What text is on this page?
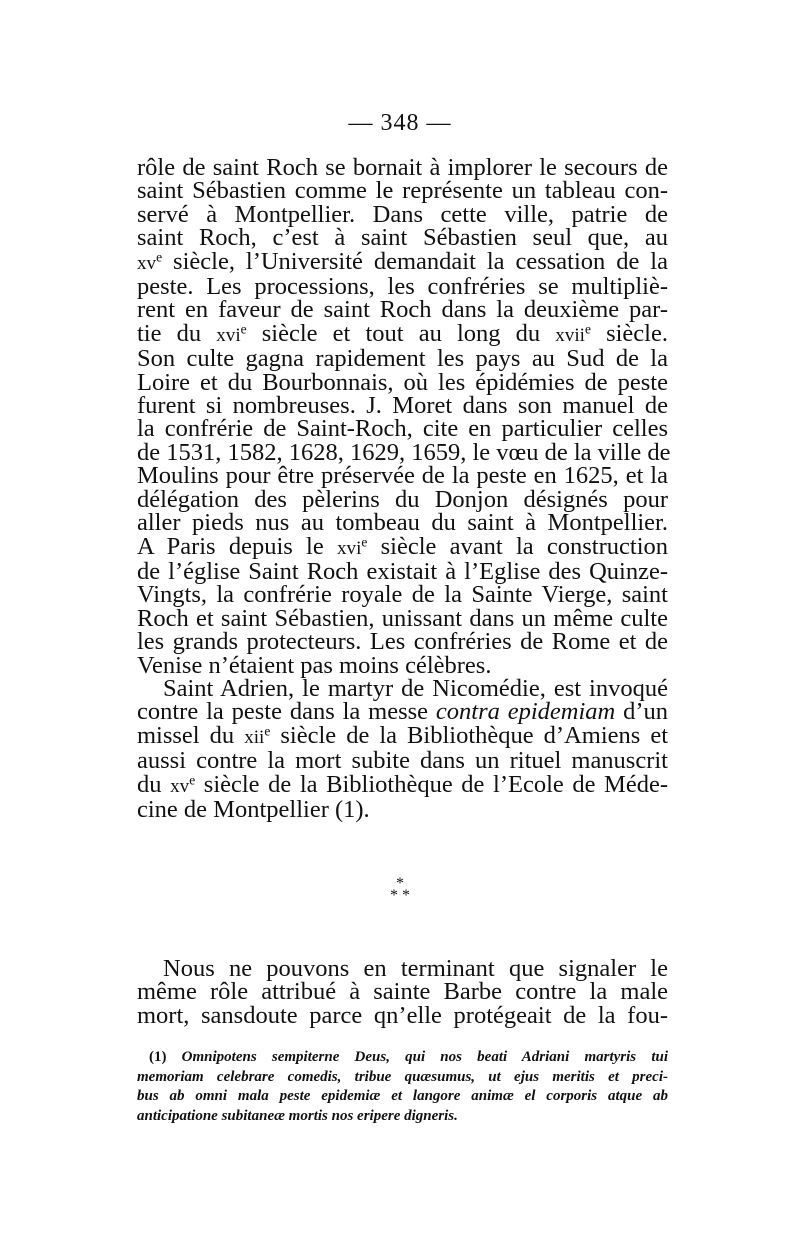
— 348 —
rôle de saint Roch se bornait à implorer le secours de
saint Sébastien comme le représente un tableau con-
servé à Montpellier. Dans cette ville, patrie de
saint Roch, c’est à saint Sébastien seul que, au
$xv^e$ siècle, l’Université demandait la cessation de la
peste. Les processions, les confréries se multipliè-
rent en faveur de saint Roch dans la deuxième par-
tie du xvi$^e$ siècle et tout au long du xvii$^e$ siècle.
Son culte gagna rapidement les pays au Sud de la
Loire et du Bourbonnais, où les épidémies de peste
furent si nombreuses. J. Moret dans son manuel de
la confrérie de Saint-Roch, cite en particulier celles
de 1531, 1582, 1628, 1629, 1659, le vœu de la ville de
Moulins pour être préservée de la peste en 1625, et la
délégation des pèlerins du Donjon désignés pour
aller pieds nus au tombeau du saint à Montpellier.
A Paris depuis le xvi$^e$ siècle avant la construction
de l’église Saint Roch existait à l’Eglise des Quinze-
Vingts, la confrérie royale de la Sainte Vierge, saint
Roch et saint Sébastien, unissant dans un même culte
les grands protecteurs. Les confréries de Rome et de
Venise n’étaient pas moins célèbres.
Saint Adrien, le martyr de Nicomédie, est invoqué
contre la peste dans la messe contra epidemiam d’un
missel du xii$^e$ siècle de la Bibliothèque d’Amiens et
aussi contre la mort subite dans un rituel manuscrit
du $xv^e$ siècle de la Bibliothèque de l’Ecole de Méde-
cine de Montpellier (1).
*
* *
Nous ne pouvons en terminant que signaler le
même rôle attribué à sainte Barbe contre la male
mort, sansdoute parce qn’elle protégeait de la fou-
(1) Omnipotens sempiterne Deus, qui nos beati Adriani martyris tui
memoriam celebrare comedis, tribue quæsumus, ut ejus meritis et preci-
bus ab omni mala peste epidemiæ et langore animæ el corporis atque ab
anticipatione subitaneæ mortis nos eripere digneris.
